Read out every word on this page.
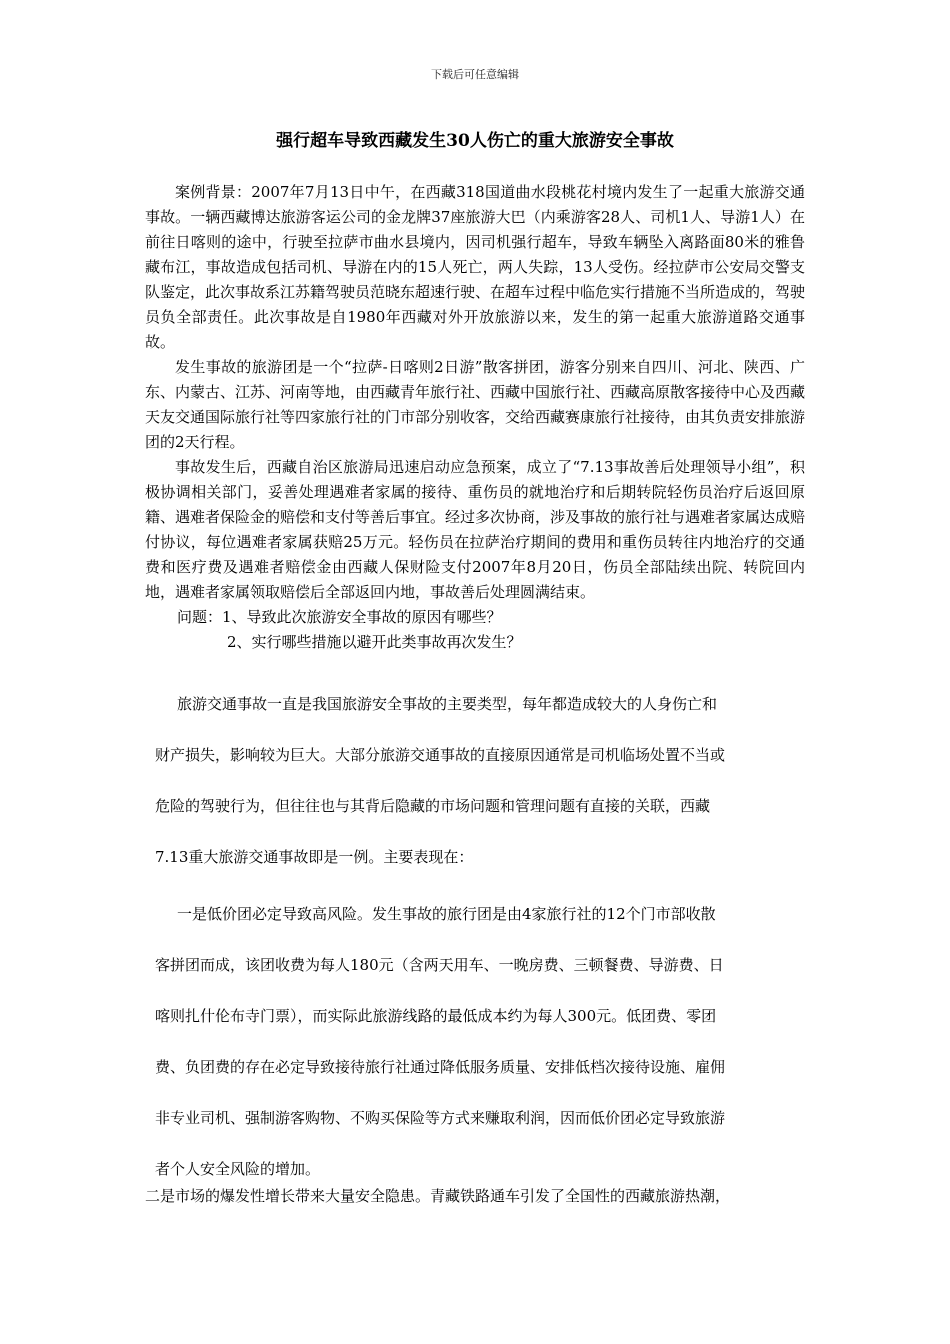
下载后可任意编辑
强行超车导致西藏发生30人伤亡的重大旅游安全事故

案例背景：2007年7月13日中午，在西藏318国道曲水段桃花村境内发生了一起重大旅游交通事故。一辆西藏博达旅游客运公司的金龙牌37座旅游大巴（内乘游客28人、司机1人、导游1人）在前往日喀则的途中，行驶至拉萨市曲水县境内，因司机强行超车，导致车辆坠入离路面80米的雅鲁藏布江，事故造成包括司机、导游在内的15人死亡，两人失踪，13人受伤。经拉萨市公安局交警支队鉴定，此次事故系江苏籍驾驶员范晓东超速行驶、在超车过程中临危实行措施不当所造成的，驾驶员负全部责任。此次事故是自1980年西藏对外开放旅游以来，发生的第一起重大旅游道路交通事故。

发生事故的旅游团是一个“拉萨-日喀则2日游”散客拼团，游客分别来自四川、河北、陕西、广东、内蒙古、江苏、河南等地，由西藏青年旅行社、西藏中国旅行社、西藏高原散客接待中心及西藏天友交通国际旅行社等四家旅行社的门市部分别收客，交给西藏赛康旅行社接待，由其负责安排旅游团的2天行程。

事故发生后，西藏自治区旅游局迅速启动应急预案，成立了“7.13事故善后处理领导小组”，积极协调相关部门，妥善处理遇难者家属的接待、重伤员的就地治疗和后期转院轻伤员治疗后返回原籍、遇难者保险金的赔偿和支付等善后事宜。经过多次协商，涉及事故的旅行社与遇难者家属达成赔付协议，每位遇难者家属获赔25万元。轻伤员在拉萨治疗期间的费用和重伤员转往内地治疗的交通费和医疗费及遇难者赔偿金由西藏人保财险支付2007年8月20日，伤员全部陆续出院、转院回内地，遇难者家属领取赔偿后全部返回内地，事故善后处理圆满结束。

问题：1、导致此次旅游安全事故的原因有哪些？
2、实行哪些措施以避开此类事故再次发生？

旅游交通事故一直是我国旅游安全事故的主要类型，每年都造成较大的人身伤亡和

财产损失，影响较为巨大。大部分旅游交通事故的直接原因通常是司机临场处置不当或

危险的驾驶行为，但往往也与其背后隐藏的市场问题和管理问题有直接的关联，西藏

7.13重大旅游交通事故即是一例。主要表现在：

一是低价团必定导致高风险。发生事故的旅行团是由4家旅行社的12个门市部收散

客拼团而成，该团收费为每人180元（含两天用车、一晚房费、三顿餐费、导游费、日

喀则扎什伦布寺门票），而实际此旅游线路的最低成本约为每人300元。低团费、零团

费、负团费的存在必定导致接待旅行社通过降低服务质量、安排低档次接待设施、雇佣

非专业司机、强制游客购物、不购买保险等方式来赚取利润，因而低价团必定导致旅游

者个人安全风险的增加。

二是市场的爆发性增长带来大量安全隐患。青藏铁路通车引发了全国性的西藏旅游热潮，
